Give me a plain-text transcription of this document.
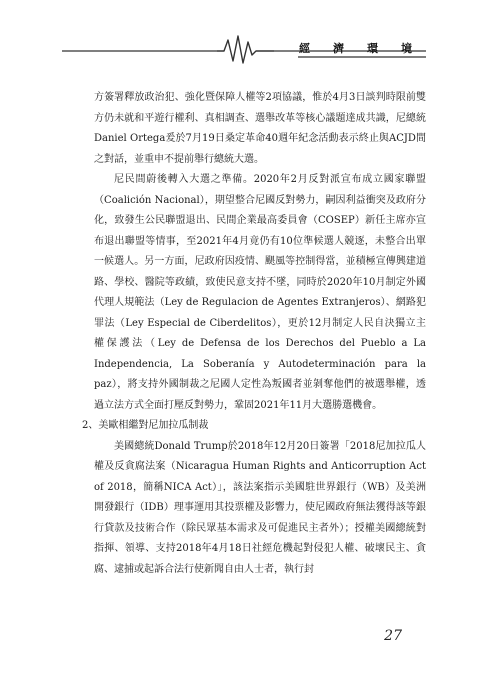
經　濟　環　境

方簽署釋放政治犯、強化暨保障人權等2項協議，惟於4月3日談判時限前雙方仍未就和平遊行權利、真相調查、選舉改革等核心議題達成共識，尼總統Daniel Ortega爰於7月19日桑定革命40週年紀念活動表示終止與ACJD間之對話，並重申不提前舉行總統大選。

尼民間蔚後轉入大選之準備。2020年2月反對派宣布成立國家聯盟（Coalición Nacional），期望整合尼國反對勢力，嗣因利益衝突及政府分化，致發生公民聯盟退出、民間企業最高委員會（COSEP）新任主席亦宣布退出聯盟等情事，至2021年4月竟仍有10位準候選人競逐，未整合出單一候選人。另一方面，尼政府因疫情、颶風等控制得當，並積極宣傳興建道路、學校、醫院等政績，致使民意支持不墜，同時於2020年10月制定外國代理人規範法（Ley de Regulacion de Agentes Extranjeros）、網路犯罪法（Ley Especial de Ciberdelitos），更於12月制定人民自決獨立主權保護法（Ley de Defensa de los Derechos del Pueblo a La Independencia, La Soberanía y Autodeterminación para la paz），將支持外國制裁之尼國人定性為叛國者並剝奪他們的被選舉權，透過立法方式全面打壓反對勢力，鞏固2021年11月大選勝選機會。

2、美歐相繼對尼加拉瓜制裁

美國總統Donald Trump於2018年12月20日簽署「2018尼加拉瓜人權及反貪腐法案（Nicaragua Human Rights and Anticorruption Act of 2018，簡稱NICA Act）」，該法案指示美國駐世界銀行（WB）及美洲開發銀行（IDB）理事運用其投票權及影響力，使尼國政府無法獲得該等銀行貸款及技術合作（除民眾基本需求及可促進民主者外）；授權美國總統對指揮、領導、支持2018年4月18日社經危機起對侵犯人權、破壞民主、貪腐、逮捕或起訴合法行使新聞自由人士者，執行封

27
